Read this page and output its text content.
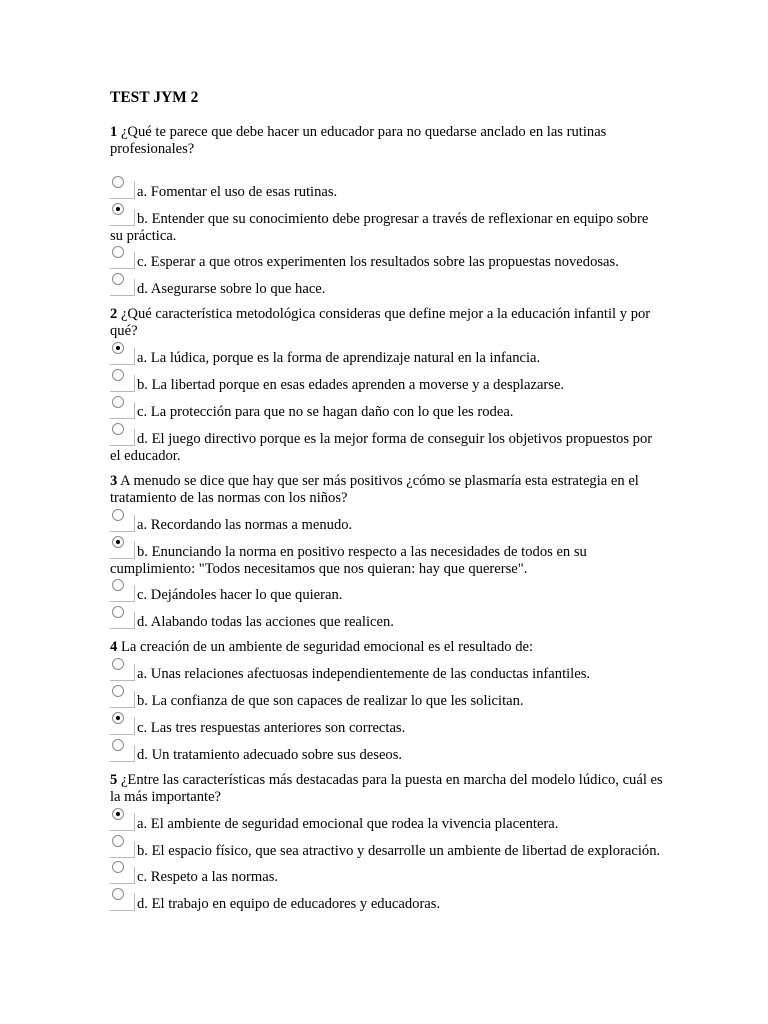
TEST JYM 2

1 ¿Qué te parece que debe hacer un educador para no quedarse anclado en las rutinas profesionales?

a. Fomentar el uso de esas rutinas.

b. Entender que su conocimiento debe progresar a través de reflexionar en equipo sobre su práctica.

c. Esperar a que otros experimenten los resultados sobre las propuestas novedosas.

d. Asegurarse sobre lo que hace.

2 ¿Qué característica metodológica consideras que define mejor a la educación infantil y por qué?

a. La lúdica, porque es la forma de aprendizaje natural en la infancia.

b. La libertad porque en esas edades aprenden a moverse y a desplazarse.

c. La protección para que no se hagan daño con lo que les rodea.

d. El juego directivo porque es la mejor forma de conseguir los objetivos propuestos por el educador.

3 A menudo se dice que hay que ser más positivos ¿cómo se plasmaría esta estrategia en el tratamiento de las normas con los niños?

a. Recordando las normas a menudo.

b. Enunciando la norma en positivo respecto a las necesidades de todos en su cumplimiento: "Todos necesitamos que nos quieran: hay que quererse".

c. Dejándoles hacer lo que quieran.

d. Alabando todas las acciones que realicen.

4 La creación de un ambiente de seguridad emocional es el resultado de:

a. Unas relaciones afectuosas independientemente de las conductas infantiles.

b. La confianza de que son capaces de realizar lo que les solicitan.

c. Las tres respuestas anteriores son correctas.

d. Un tratamiento adecuado sobre sus deseos.

5 ¿Entre las características más destacadas para la puesta en marcha del modelo lúdico, cuál es la más importante?

a. El ambiente de seguridad emocional que rodea la vivencia placentera.

b. El espacio físico, que sea atractivo y desarrolle un ambiente de libertad de exploración.

c. Respeto a las normas.

d. El trabajo en equipo de educadores y educadoras.
